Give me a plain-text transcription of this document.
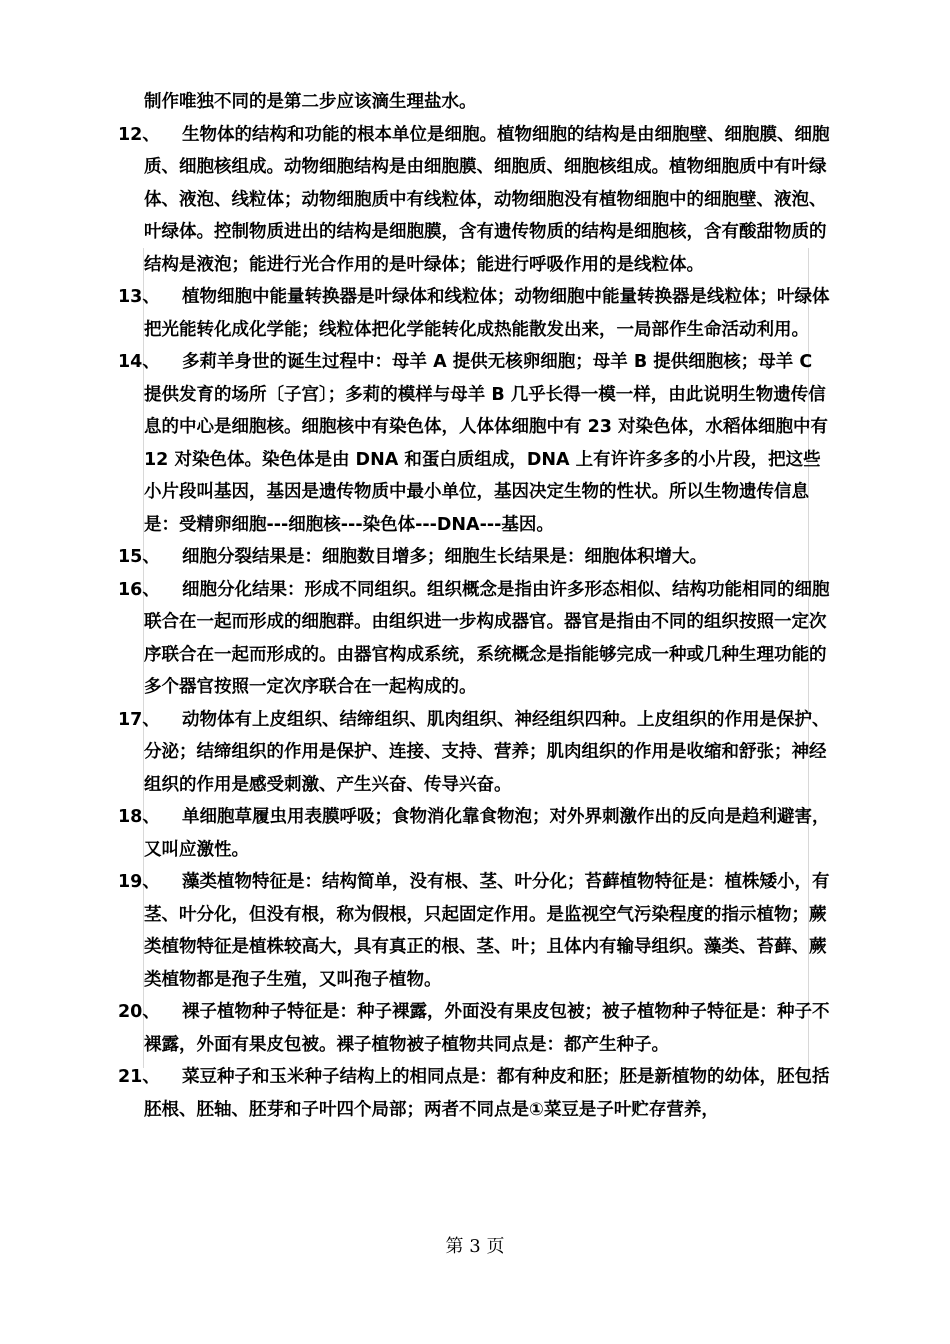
制作唯独不同的是第二步应该滴生理盐水。
12、	生物体的结构和功能的根本单位是细胞。植物细胞的结构是由细胞壁、细胞膜、细胞质、细胞核组成。动物细胞结构是由细胞膜、细胞质、细胞核组成。植物细胞质中有叶绿体、液泡、线粒体；动物细胞质中有线粒体，动物细胞没有植物细胞中的细胞壁、液泡、叶绿体。控制物质进出的结构是细胞膜，含有遗传物质的结构是细胞核，含有酸甜物质的结构是液泡；能进行光合作用的是叶绿体；能进行呼吸作用的是线粒体。
13、	植物细胞中能量转换器是叶绿体和线粒体；动物细胞中能量转换器是线粒体；叶绿体把光能转化成化学能；线粒体把化学能转化成热能散发出来，一局部作生命活动利用。
14、	多莉羊身世的诞生过程中：母羊 A 提供无核卵细胞；母羊 B 提供细胞核；母羊 C 提供发育的场所〔子宫〕；多莉的模样与母羊 B 几乎长得一模一样，由此说明生物遗传信息的中心是细胞核。细胞核中有染色体，人体体细胞中有 23 对染色体，水稻体细胞中有 12 对染色体。染色体是由 DNA 和蛋白质组成，DNA 上有许许多多的小片段，把这些小片段叫基因，基因是遗传物质中最小单位，基因决定生物的性状。所以生物遗传信息是：受精卵细胞---细胞核---染色体---DNA---基因。
15、	细胞分裂结果是：细胞数目增多；细胞生长结果是：细胞体积增大。
16、	细胞分化结果：形成不同组织。组织概念是指由许多形态相似、结构功能相同的细胞联合在一起而形成的细胞群。由组织进一步构成器官。器官是指由不同的组织按照一定次序联合在一起而形成的。由器官构成系统，系统概念是指能够完成一种或几种生理功能的多个器官按照一定次序联合在一起构成的。
17、	动物体有上皮组织、结缔组织、肌肉组织、神经组织四种。上皮组织的作用是保护、分泌；结缔组织的作用是保护、连接、支持、营养；肌肉组织的作用是收缩和舒张；神经组织的作用是感受刺激、产生兴奋、传导兴奋。
18、	单细胞草履虫用表膜呼吸；食物消化靠食物泡；对外界刺激作出的反向是趋利避害，又叫应激性。
19、	藻类植物特征是：结构简单，没有根、茎、叶分化；苔藓植物特征是：植株矮小，有茎、叶分化，但没有根，称为假根，只起固定作用。是监视空气污染程度的指示植物；蕨类植物特征是植株较高大，具有真正的根、茎、叶；且体内有输导组织。藻类、苔藓、蕨类植物都是孢子生殖，又叫孢子植物。
20、	裸子植物种子特征是：种子裸露，外面没有果皮包被；被子植物种子特征是：种子不裸露，外面有果皮包被。裸子植物被子植物共同点是：都产生种子。
21、	菜豆种子和玉米种子结构上的相同点是：都有种皮和胚；胚是新植物的幼体，胚包括胚根、胚轴、胚芽和子叶四个局部；两者不同点是①菜豆是子叶贮存营养，
第 3 页
